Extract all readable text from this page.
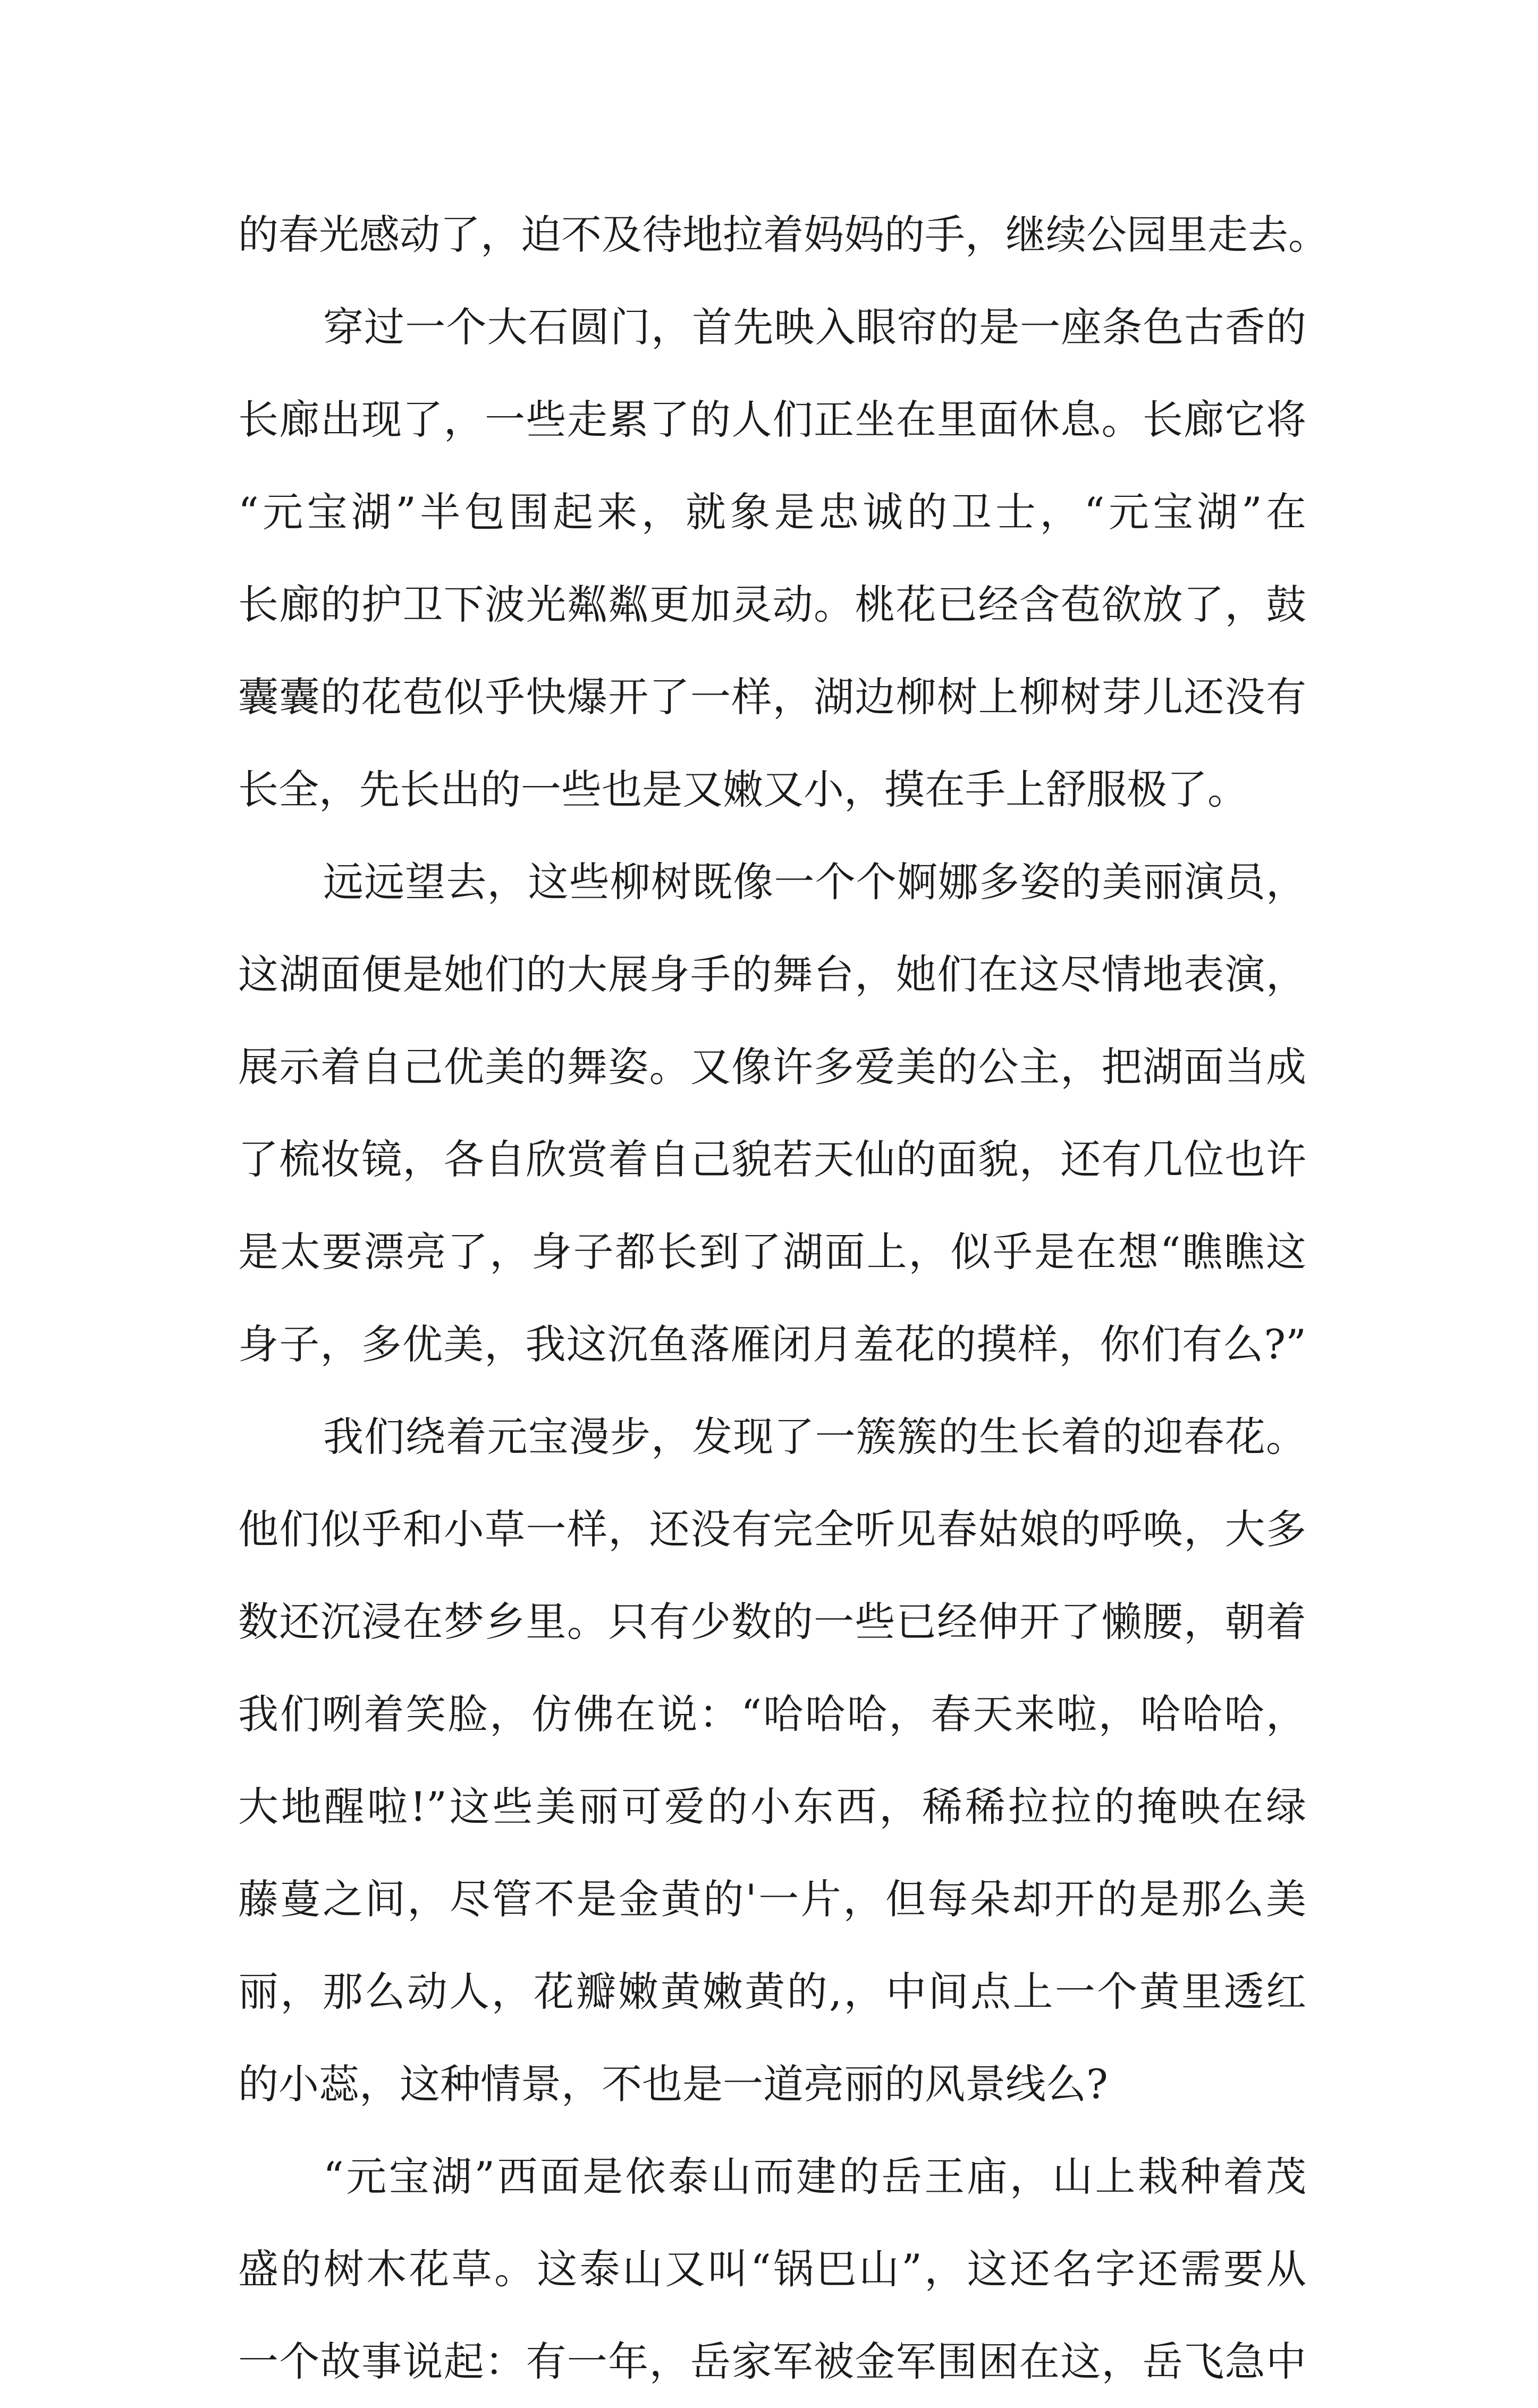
的春光感动了，迫不及待地拉着妈妈的手，继续公园里走去。
穿过一个大石圆门，首先映入眼帘的是一座条色古香的
长廊出现了，一些走累了的人们正坐在里面休息。长廊它将
“元宝湖”半包围起来，就象是忠诚的卫士，“元宝湖”在
长廊的护卫下波光粼粼更加灵动。桃花已经含苞欲放了，鼓
囊囊的花苞似乎快爆开了一样，湖边柳树上柳树芽儿还没有
长全，先长出的一些也是又嫩又小，摸在手上舒服极了。
远远望去，这些柳树既像一个个婀娜多姿的美丽演员，
这湖面便是她们的大展身手的舞台，她们在这尽情地表演，
展示着自己优美的舞姿。又像许多爱美的公主，把湖面当成
了梳妆镜，各自欣赏着自己貌若天仙的面貌，还有几位也许
是太要漂亮了，身子都长到了湖面上，似乎是在想“瞧瞧这
身子，多优美，我这沉鱼落雁闭月羞花的摸样，你们有么?”
我们绕着元宝漫步，发现了一簇簇的生长着的迎春花。
他们似乎和小草一样，还没有完全听见春姑娘的呼唤，大多
数还沉浸在梦乡里。只有少数的一些已经伸开了懒腰，朝着
我们咧着笑脸，仿佛在说：“哈哈哈，春天来啦，哈哈哈，
大地醒啦!”这些美丽可爱的小东西，稀稀拉拉的掩映在绿
藤蔓之间，尽管不是金黄的'一片，但每朵却开的是那么美
丽，那么动人，花瓣嫩黄嫩黄的,，中间点上一个黄里透红
的小蕊，这种情景，不也是一道亮丽的风景线么?
“元宝湖”西面是依泰山而建的岳王庙，山上栽种着茂
盛的树木花草。这泰山又叫“锅巴山”，这还名字还需要从
一个故事说起：有一年，岳家军被金军围困在这，岳飞急中
